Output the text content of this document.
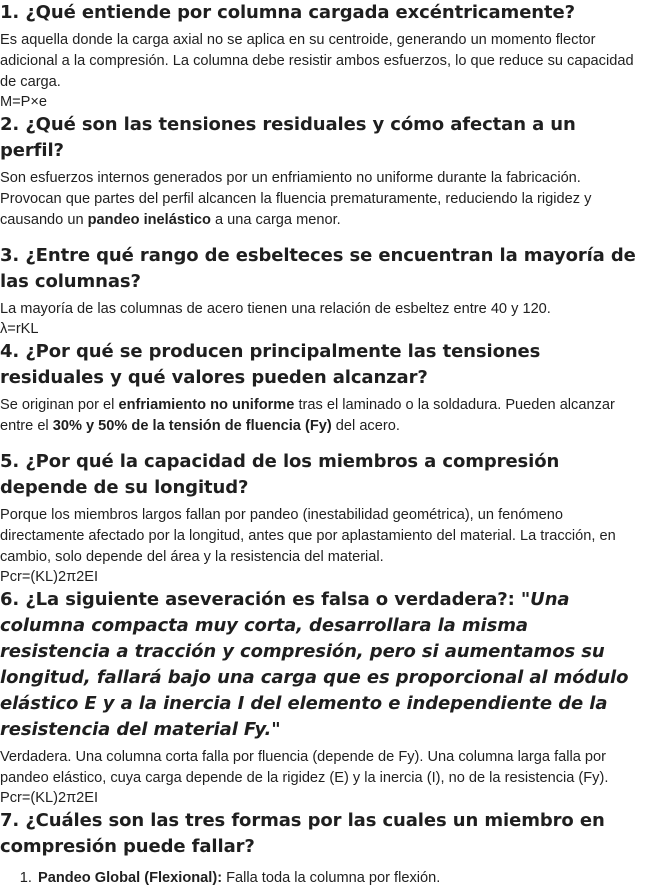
1. ¿Qué entiende por columna cargada excéntricamente?

Es aquella donde la carga axial no se aplica en su centroide, generando un momento flector adicional a la compresión. La columna debe resistir ambos esfuerzos, lo que reduce su capacidad de carga.

M=P×e

2. ¿Qué son las tensiones residuales y cómo afectan a un perfil?

Son esfuerzos internos generados por un enfriamiento no uniforme durante la fabricación. Provocan que partes del perfil alcancen la fluencia prematuramente, reduciendo la rigidez y causando un pandeo inelástico a una carga menor.

3. ¿Entre qué rango de esbelteces se encuentran la mayoría de las columnas?

La mayoría de las columnas de acero tienen una relación de esbeltez entre 40 y 120.

λ=rKL

4. ¿Por qué se producen principalmente las tensiones residuales y qué valores pueden alcanzar?

Se originan por el enfriamiento no uniforme tras el laminado o la soldadura. Pueden alcanzar entre el 30% y 50% de la tensión de fluencia (Fy) del acero.

5. ¿Por qué la capacidad de los miembros a compresión depende de su longitud?

Porque los miembros largos fallan por pandeo (inestabilidad geométrica), un fenómeno directamente afectado por la longitud, antes que por aplastamiento del material. La tracción, en cambio, solo depende del área y la resistencia del material.

Pcr=(KL)2π2EI

6. ¿La siguiente aseveración es falsa o verdadera?: "Una columna compacta muy corta, desarrollara la misma resistencia a tracción y compresión, pero si aumentamos su longitud, fallará bajo una carga que es proporcional al módulo elástico E y a la inercia I del elemento e independiente de la resistencia del material Fy."

Verdadera. Una columna corta falla por fluencia (depende de Fy). Una columna larga falla por pandeo elástico, cuya carga depende de la rigidez (E) y la inercia (I), no de la resistencia (Fy).

Pcr=(KL)2π2EI

7. ¿Cuáles son las tres formas por las cuales un miembro en compresión puede fallar?
1. Pandeo Global (Flexional): Falla toda la columna por flexión.
